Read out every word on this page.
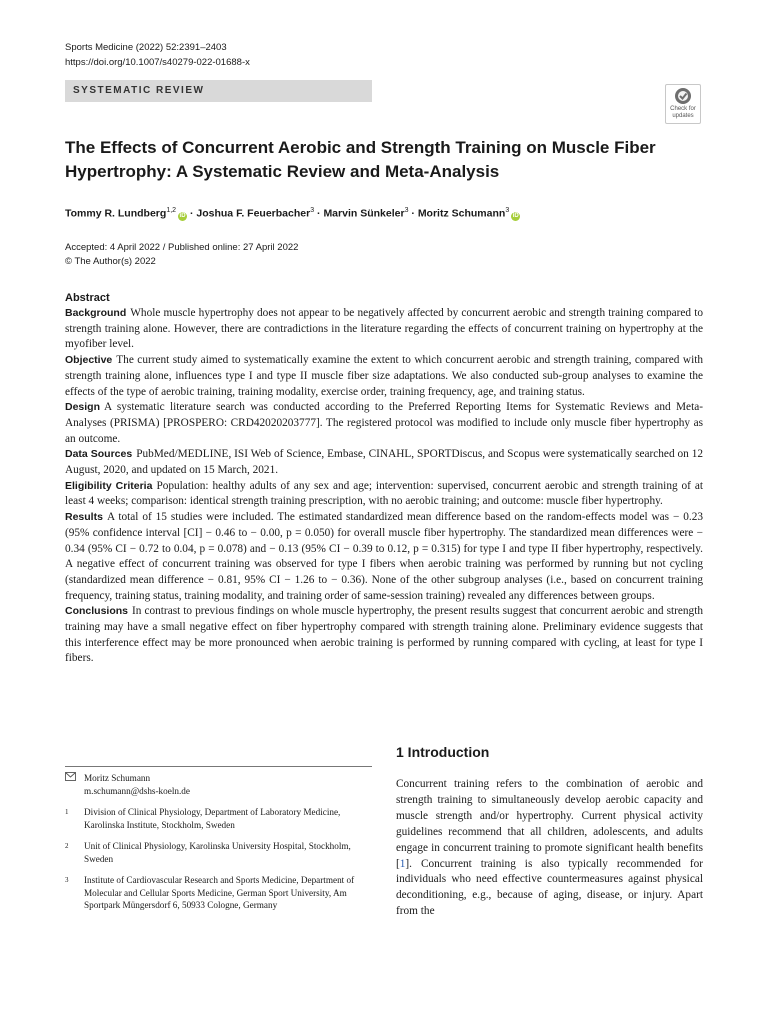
Sports Medicine (2022) 52:2391–2403
https://doi.org/10.1007/s40279-022-01688-x
SYSTEMATIC REVIEW
Check for
updates
The Effects of Concurrent Aerobic and Strength Training on Muscle Fiber Hypertrophy: A Systematic Review and Meta-Analysis
Tommy R. Lundberg$^{1,2}$iD · Joshua F. Feuerbacher$^3$ · Marvin Sünkeler$^3$ · Moritz Schumann$^3$iD
Accepted: 4 April 2022 / Published online: 27 April 2022
© The Author(s) 2022
Abstract

Background Whole muscle hypertrophy does not appear to be negatively affected by concurrent aerobic and strength training compared to strength training alone. However, there are contradictions in the literature regarding the effects of concurrent training on hypertrophy at the myofiber level.

Objective The current study aimed to systematically examine the extent to which concurrent aerobic and strength training, compared with strength training alone, influences type I and type II muscle fiber size adaptations. We also conducted sub-group analyses to examine the effects of the type of aerobic training, training modality, exercise order, training frequency, age, and training status.

Design A systematic literature search was conducted according to the Preferred Reporting Items for Systematic Reviews and Meta-Analyses (PRISMA) [PROSPERO: CRD42020203777]. The registered protocol was modified to include only muscle fiber hypertrophy as an outcome.

Data Sources PubMed/MEDLINE, ISI Web of Science, Embase, CINAHL, SPORTDiscus, and Scopus were systematically searched on 12 August, 2020, and updated on 15 March, 2021.

Eligibility Criteria Population: healthy adults of any sex and age; intervention: supervised, concurrent aerobic and strength training of at least 4 weeks; comparison: identical strength training prescription, with no aerobic training; and outcome: muscle fiber hypertrophy.

Results A total of 15 studies were included. The estimated standardized mean difference based on the random-effects model was − 0.23 (95% confidence interval [CI] − 0.46 to − 0.00, p = 0.050) for overall muscle fiber hypertrophy. The standardized mean differences were − 0.34 (95% CI − 0.72 to 0.04, p = 0.078) and − 0.13 (95% CI − 0.39 to 0.12, p = 0.315) for type I and type II fiber hypertrophy, respectively. A negative effect of concurrent training was observed for type I fibers when aerobic training was performed by running but not cycling (standardized mean difference − 0.81, 95% CI − 1.26 to − 0.36). None of the other subgroup analyses (i.e., based on concurrent training frequency, training status, training modality, and training order of same-session training) revealed any differences between groups.

Conclusions In contrast to previous findings on whole muscle hypertrophy, the present results suggest that concurrent aerobic and strength training may have a small negative effect on fiber hypertrophy compared with strength training alone. Preliminary evidence suggests that this interference effect may be more pronounced when aerobic training is performed by running compared with cycling, at least for type I fibers.

Moritz Schumann
m.schumann@dshs-koeln.de
1	Division of Clinical Physiology, Department of Laboratory Medicine, Karolinska Institute, Stockholm, Sweden
2	Unit of Clinical Physiology, Karolinska University Hospital, Stockholm, Sweden
3	Institute of Cardiovascular Research and Sports Medicine, Department of Molecular and Cellular Sports Medicine, German Sport University, Am Sportpark Müngersdorf 6, 50933 Cologne, Germany
1 Introduction

Concurrent training refers to the combination of aerobic and strength training to simultaneously develop aerobic capacity and muscle strength and/or hypertrophy. Current physical activity guidelines recommend that all children, adolescents, and adults engage in concurrent training to promote significant health benefits [1]. Concurrent training is also typically recommended for individuals who need effective countermeasures against physical deconditioning, e.g., because of aging, disease, or injury. Apart from the
